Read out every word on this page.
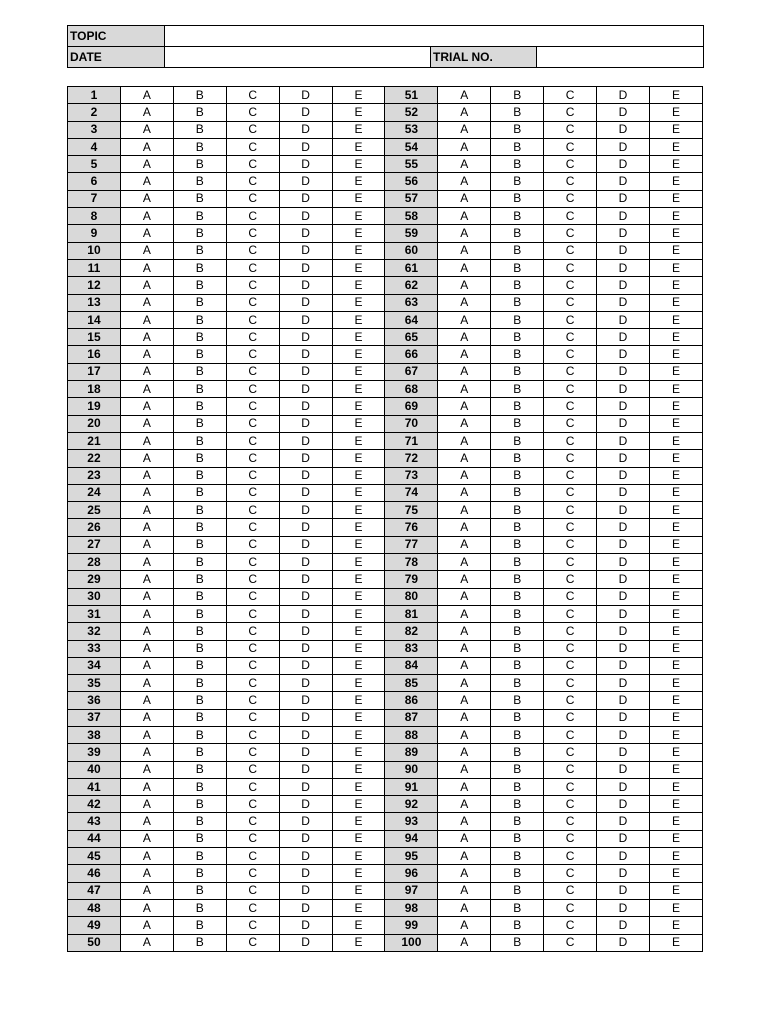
TOPIC			
DATE		TRIAL NO.	
1	A	B	C	D	E	51	A	B	C	D	E
2	A	B	C	D	E	52	A	B	C	D	E
3	A	B	C	D	E	53	A	B	C	D	E
4	A	B	C	D	E	54	A	B	C	D	E
5	A	B	C	D	E	55	A	B	C	D	E
6	A	B	C	D	E	56	A	B	C	D	E
7	A	B	C	D	E	57	A	B	C	D	E
8	A	B	C	D	E	58	A	B	C	D	E
9	A	B	C	D	E	59	A	B	C	D	E
10	A	B	C	D	E	60	A	B	C	D	E
11	A	B	C	D	E	61	A	B	C	D	E
12	A	B	C	D	E	62	A	B	C	D	E
13	A	B	C	D	E	63	A	B	C	D	E
14	A	B	C	D	E	64	A	B	C	D	E
15	A	B	C	D	E	65	A	B	C	D	E
16	A	B	C	D	E	66	A	B	C	D	E
17	A	B	C	D	E	67	A	B	C	D	E
18	A	B	C	D	E	68	A	B	C	D	E
19	A	B	C	D	E	69	A	B	C	D	E
20	A	B	C	D	E	70	A	B	C	D	E
21	A	B	C	D	E	71	A	B	C	D	E
22	A	B	C	D	E	72	A	B	C	D	E
23	A	B	C	D	E	73	A	B	C	D	E
24	A	B	C	D	E	74	A	B	C	D	E
25	A	B	C	D	E	75	A	B	C	D	E
26	A	B	C	D	E	76	A	B	C	D	E
27	A	B	C	D	E	77	A	B	C	D	E
28	A	B	C	D	E	78	A	B	C	D	E
29	A	B	C	D	E	79	A	B	C	D	E
30	A	B	C	D	E	80	A	B	C	D	E
31	A	B	C	D	E	81	A	B	C	D	E
32	A	B	C	D	E	82	A	B	C	D	E
33	A	B	C	D	E	83	A	B	C	D	E
34	A	B	C	D	E	84	A	B	C	D	E
35	A	B	C	D	E	85	A	B	C	D	E
36	A	B	C	D	E	86	A	B	C	D	E
37	A	B	C	D	E	87	A	B	C	D	E
38	A	B	C	D	E	88	A	B	C	D	E
39	A	B	C	D	E	89	A	B	C	D	E
40	A	B	C	D	E	90	A	B	C	D	E
41	A	B	C	D	E	91	A	B	C	D	E
42	A	B	C	D	E	92	A	B	C	D	E
43	A	B	C	D	E	93	A	B	C	D	E
44	A	B	C	D	E	94	A	B	C	D	E
45	A	B	C	D	E	95	A	B	C	D	E
46	A	B	C	D	E	96	A	B	C	D	E
47	A	B	C	D	E	97	A	B	C	D	E
48	A	B	C	D	E	98	A	B	C	D	E
49	A	B	C	D	E	99	A	B	C	D	E
50	A	B	C	D	E	100	A	B	C	D	E
